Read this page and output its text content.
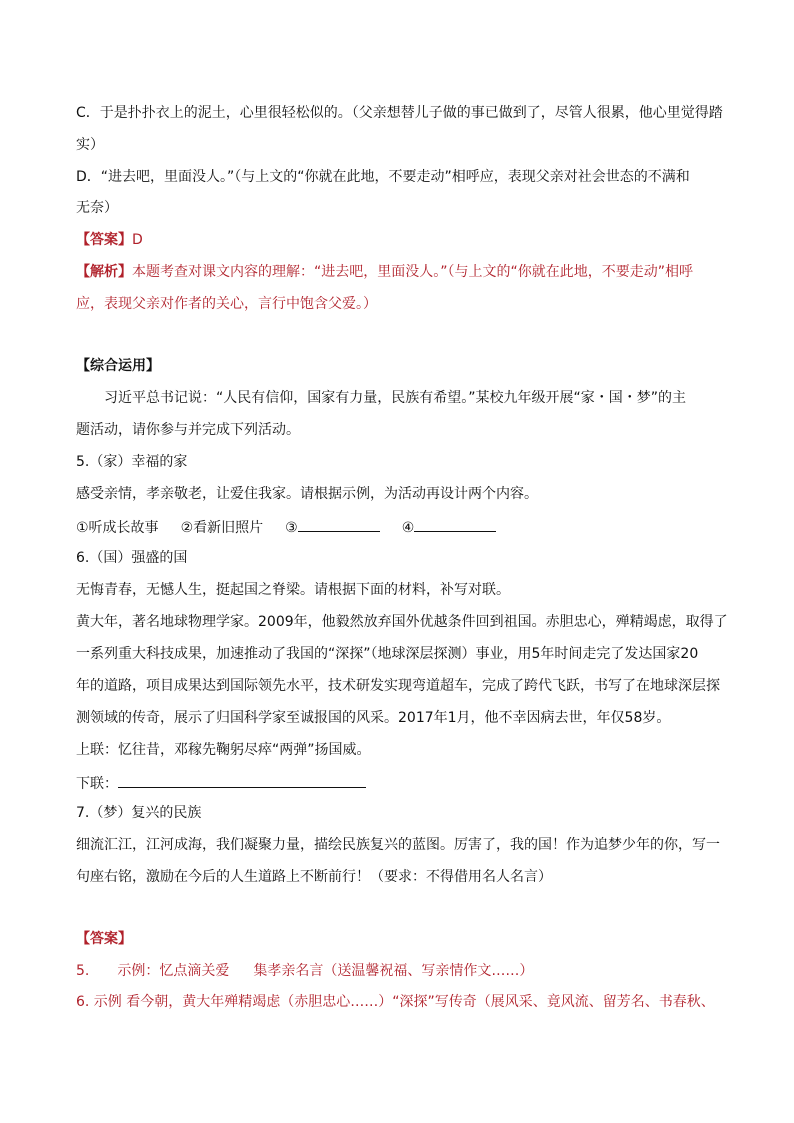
C．于是扑扑衣上的泥土，心里很轻松似的。（父亲想替儿子做的事已做到了，尽管人很累，他心里觉得踏
实）
D．“进去吧，里面没人。”（与上文的“你就在此地，不要走动”相呼应，表现父亲对社会世态的不满和
无奈）
【答案】D
【解析】本题考查对课文内容的理解：“进去吧，里面没人。”（与上文的“你就在此地，不要走动”相呼
应，表现父亲对作者的关心，言行中饱含父爱。）
【综合运用】
习近平总书记说：“人民有信仰，国家有力量，民族有希望。”某校九年级开展“家・国・梦”的主
题活动，请你参与并完成下列活动。
5.（家）幸福的家
感受亲情，孝亲敬老，让爱住我家。请根据示例，为活动再设计两个内容。
①听成长故事 ②看新旧照片 ③	④
6.（国）强盛的国
无悔青春，无憾人生，挺起国之脊梁。请根据下面的材料，补写对联。
黄大年，著名地球物理学家。2009年，他毅然放弃国外优越条件回到祖国。赤胆忠心，殚精竭虑，取得了
一系列重大科技成果，加速推动了我国的“深探”（地球深层探测）事业，用5年时间走完了发达国家20
年的道路，项目成果达到国际领先水平，技术研发实现弯道超车，完成了跨代飞跃，书写了在地球深层探
测领域的传奇，展示了归国科学家至诚报国的风采。2017年1月，他不幸因病去世，年仅58岁。
上联：忆往昔，邓稼先鞠躬尽瘁“两弹”扬国威。
下联：
7.（梦）复兴的民族
细流汇江，江河成海，我们凝聚力量，描绘民族复兴的蓝图。厉害了，我的国！作为追梦少年的你，写一
句座右铭，激励在今后的人生道路上不断前行！（要求：不得借用名人名言）
【答案】
5. 示例：忆点滴关爱 集孝亲名言（送温馨祝福、写亲情作文……）
6. 示例 看今朝，黄大年殚精竭虑（赤胆忠心……）“深探”写传奇（展风采、竟风流、留芳名、书春秋、
